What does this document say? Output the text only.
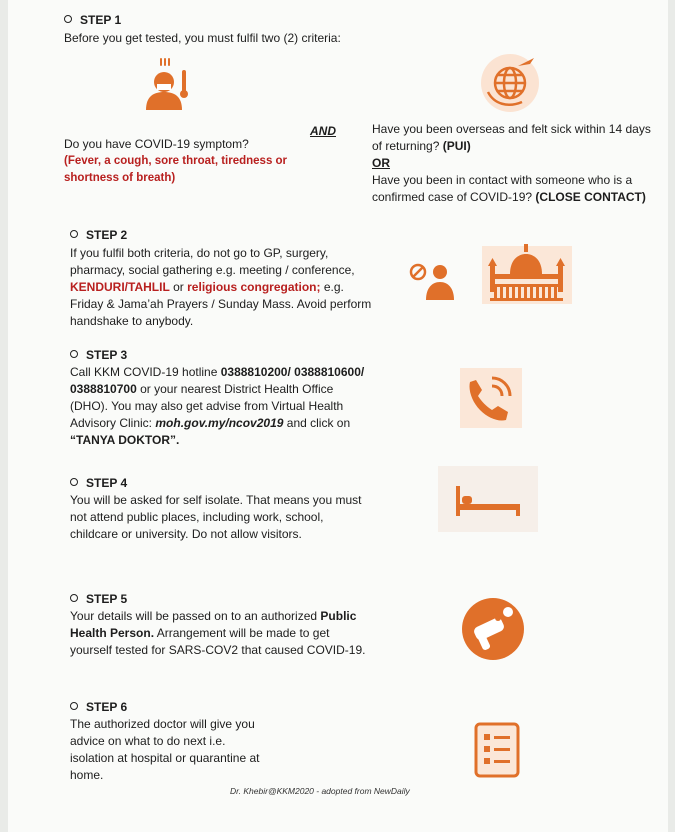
STEP 1

Before you get tested, you must fulfil two (2) criteria:

AND

Do you have COVID-19 symptom?

(Fever, a cough, sore throat, tiredness or shortness of breath)

Have you been overseas and felt sick within 14 days of returning? (PUI)

OR

Have you been in contact with someone who is a confirmed case of COVID-19? (CLOSE CONTACT)

STEP 2

If you fulfil both criteria, do not go to GP, surgery, pharmacy, social gathering e.g. meeting / conference, KENDURI/TAHLIL or religious congregation; e.g. Friday & Jama’ah Prayers / Sunday Mass. Avoid perform handshake to anybody.

STEP 3

Call KKM COVID-19 hotline 0388810200/ 0388810600/ 0388810700 or your nearest District Health Office (DHO). You may also get advise from Virtual Health Advisory Clinic: moh.gov.my/ncov2019 and click on “TANYA DOKTOR”.

STEP 4

You will be asked for self isolate. That means you must not attend public places, including work, school, childcare or university. Do not allow visitors.

STEP 5

Your details will be passed on to an authorized Public Health Person. Arrangement will be made to get yourself tested for SARS-COV2 that caused COVID-19.

STEP 6

The authorized doctor will give you advice on what to do next i.e. isolation at hospital or quarantine at home.

Dr. Khebir@KKM2020 - adopted from NewDaily
